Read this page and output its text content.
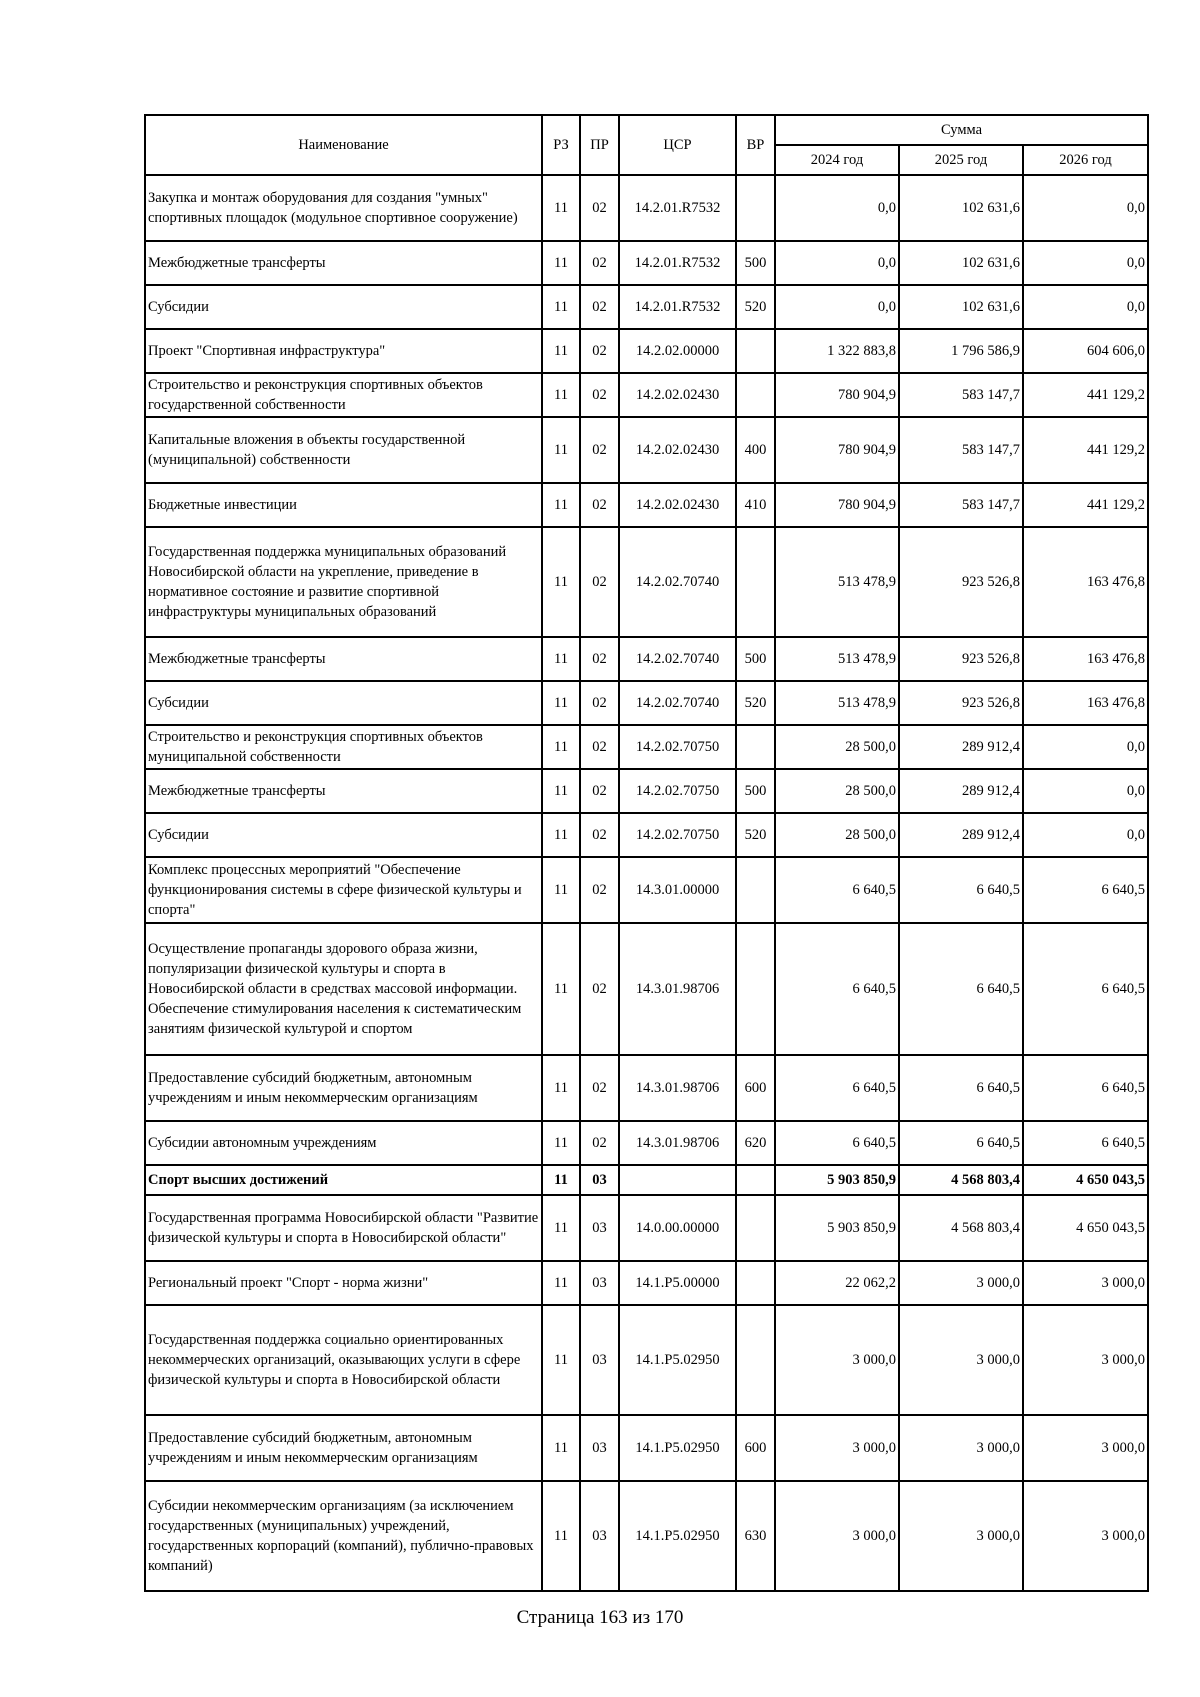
Наименование	РЗ	ПР	ЦСР	ВР	Сумма		
					2024 год	2025 год	2026 год
Закупка и монтаж оборудования для создания "умных" спортивных площадок (модульное спортивное сооружение)	11	02	14.2.01.R7532		0,0	102 631,6	0,0
Межбюджетные трансферты	11	02	14.2.01.R7532	500	0,0	102 631,6	0,0
Субсидии	11	02	14.2.01.R7532	520	0,0	102 631,6	0,0
Проект "Спортивная инфраструктура"	11	02	14.2.02.00000		1 322 883,8	1 796 586,9	604 606,0
Строительство и реконструкция спортивных объектов государственной собственности	11	02	14.2.02.02430		780 904,9	583 147,7	441 129,2
Капитальные вложения в объекты государственной (муниципальной) собственности	11	02	14.2.02.02430	400	780 904,9	583 147,7	441 129,2
Бюджетные инвестиции	11	02	14.2.02.02430	410	780 904,9	583 147,7	441 129,2
Государственная поддержка муниципальных образований Новосибирской области на укрепление, приведение в нормативное состояние и развитие спортивной инфраструктуры муниципальных образований	11	02	14.2.02.70740		513 478,9	923 526,8	163 476,8
Межбюджетные трансферты	11	02	14.2.02.70740	500	513 478,9	923 526,8	163 476,8
Субсидии	11	02	14.2.02.70740	520	513 478,9	923 526,8	163 476,8
Строительство и реконструкция спортивных объектов муниципальной собственности	11	02	14.2.02.70750		28 500,0	289 912,4	0,0
Межбюджетные трансферты	11	02	14.2.02.70750	500	28 500,0	289 912,4	0,0
Субсидии	11	02	14.2.02.70750	520	28 500,0	289 912,4	0,0
Комплекс процессных мероприятий "Обеспечение функционирования системы в сфере физической культуры и спорта"	11	02	14.3.01.00000		6 640,5	6 640,5	6 640,5
Осуществление пропаганды здорового образа жизни, популяризации физической культуры и спорта в Новосибирской области в средствах массовой информации. Обеспечение стимулирования населения к систематическим занятиям физической культурой и спортом	11	02	14.3.01.98706		6 640,5	6 640,5	6 640,5
Предоставление субсидий бюджетным, автономным учреждениям и иным некоммерческим организациям	11	02	14.3.01.98706	600	6 640,5	6 640,5	6 640,5
Субсидии автономным учреждениям	11	02	14.3.01.98706	620	6 640,5	6 640,5	6 640,5
Спорт высших достижений	11	03			5 903 850,9	4 568 803,4	4 650 043,5
Государственная программа Новосибирской области "Развитие физической культуры и спорта в Новосибирской области"	11	03	14.0.00.00000		5 903 850,9	4 568 803,4	4 650 043,5
Региональный проект "Спорт - норма жизни"	11	03	14.1.P5.00000		22 062,2	3 000,0	3 000,0
Государственная поддержка социально ориентированных некоммерческих организаций, оказывающих услуги в сфере физической культуры и спорта в Новосибирской области	11	03	14.1.P5.02950		3 000,0	3 000,0	3 000,0
Предоставление субсидий бюджетным, автономным учреждениям и иным некоммерческим организациям	11	03	14.1.P5.02950	600	3 000,0	3 000,0	3 000,0
Субсидии некоммерческим организациям (за исключением государственных (муниципальных) учреждений, государственных корпораций (компаний), публично-правовых компаний)	11	03	14.1.P5.02950	630	3 000,0	3 000,0	3 000,0
Страница 163 из 170
